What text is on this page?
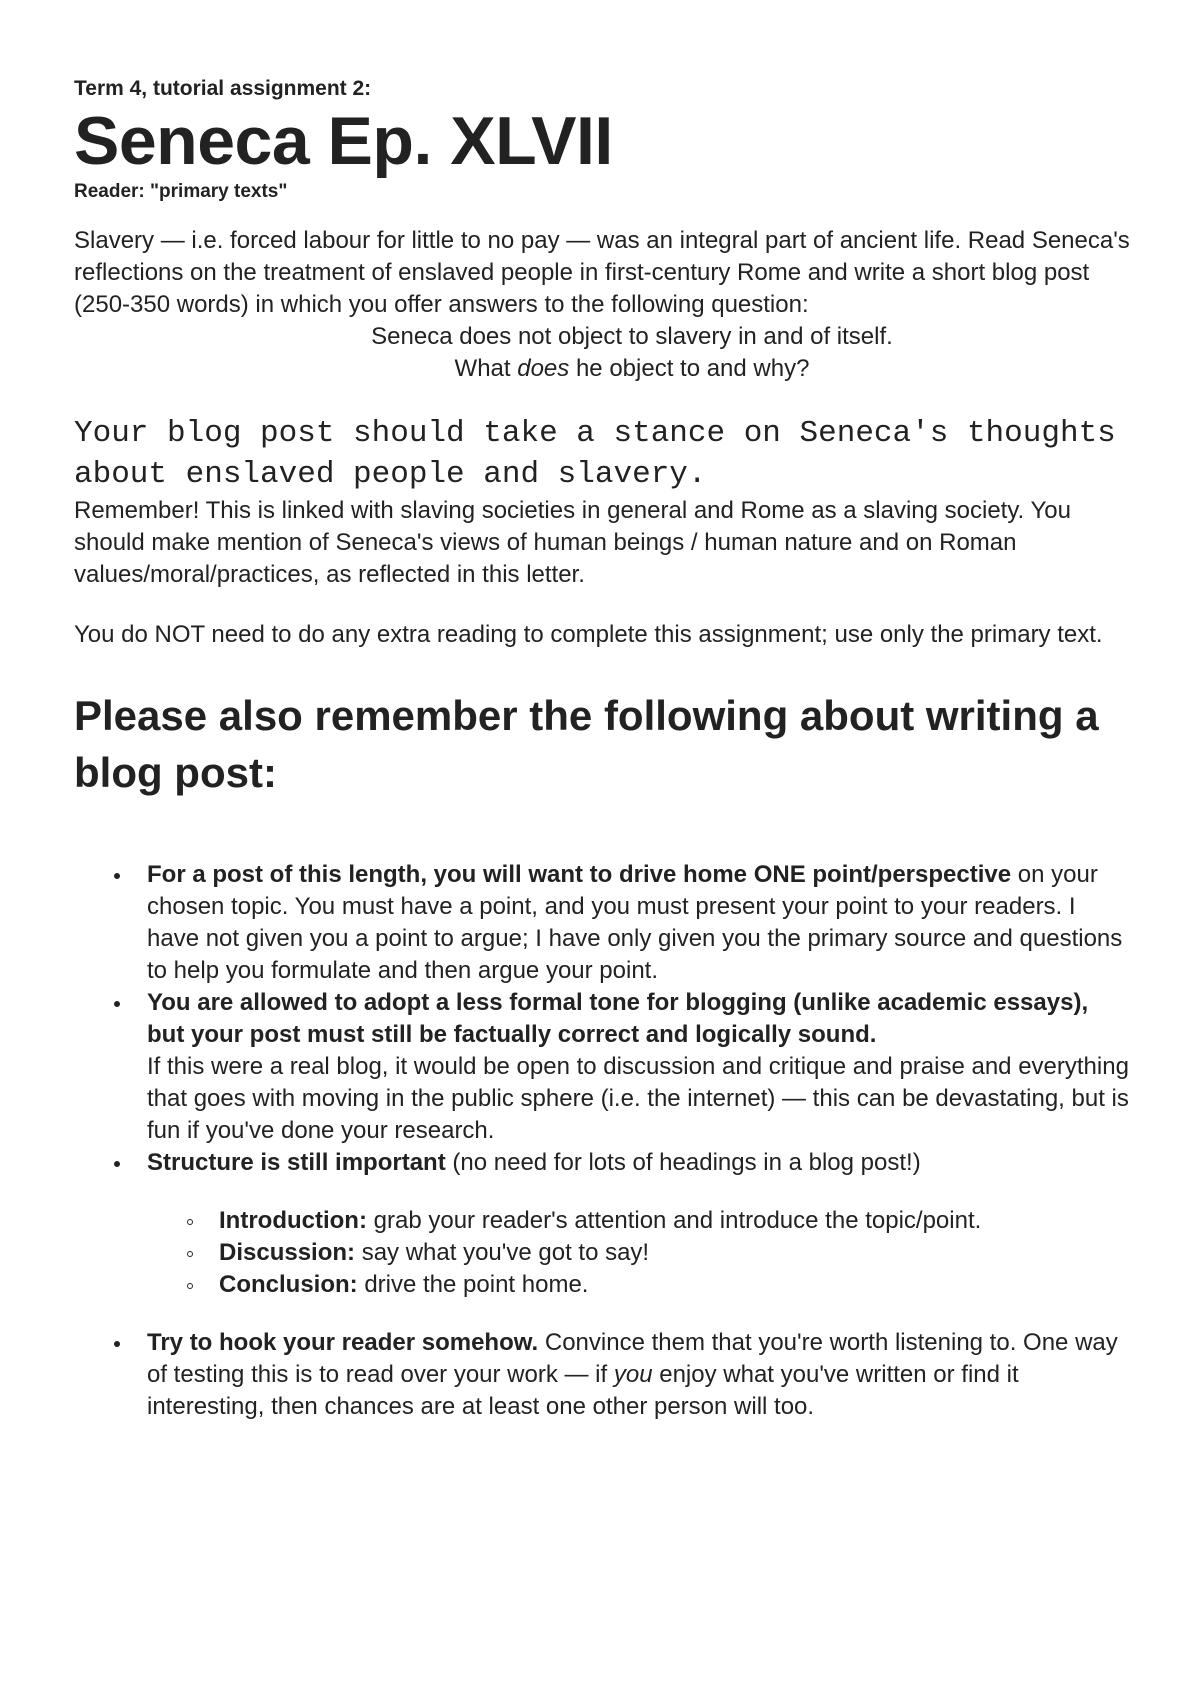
Term 4, tutorial assignment 2:

Seneca Ep. XLVII

Reader: "primary texts"

Slavery — i.e. forced labour for little to no pay — was an integral part of ancient life. Read Seneca's reflections on the treatment of enslaved people in first-century Rome and write a short blog post (250-350 words) in which you offer answers to the following question:

Seneca does not object to slavery in and of itself.
What does he object to and why?

Your blog post should take a stance on Seneca's thoughts about enslaved people and slavery.

Remember! This is linked with slaving societies in general and Rome as a slaving society. You should make mention of Seneca's views of human beings / human nature and on Roman values/moral/practices, as reflected in this letter.

You do NOT need to do any extra reading to complete this assignment; use only the primary text.

Please also remember the following about writing a blog post:
For a post of this length, you will want to drive home ONE point/perspective on your chosen topic. You must have a point, and you must present your point to your readers. I have not given you a point to argue; I have only given you the primary source and questions to help you formulate and then argue your point.
You are allowed to adopt a less formal tone for blogging (unlike academic essays), but your post must still be factually correct and logically sound.
If this were a real blog, it would be open to discussion and critique and praise and everything that goes with moving in the public sphere (i.e. the internet) — this can be devastating, but is fun if you've done your research.
Structure is still important (no need for lots of headings in a blog post!)
Introduction: grab your reader's attention and introduce the topic/point.
Discussion: say what you've got to say!
Conclusion: drive the point home.
Try to hook your reader somehow. Convince them that you're worth listening to. One way of testing this is to read over your work — if you enjoy what you've written or find it interesting, then chances are at least one other person will too.
